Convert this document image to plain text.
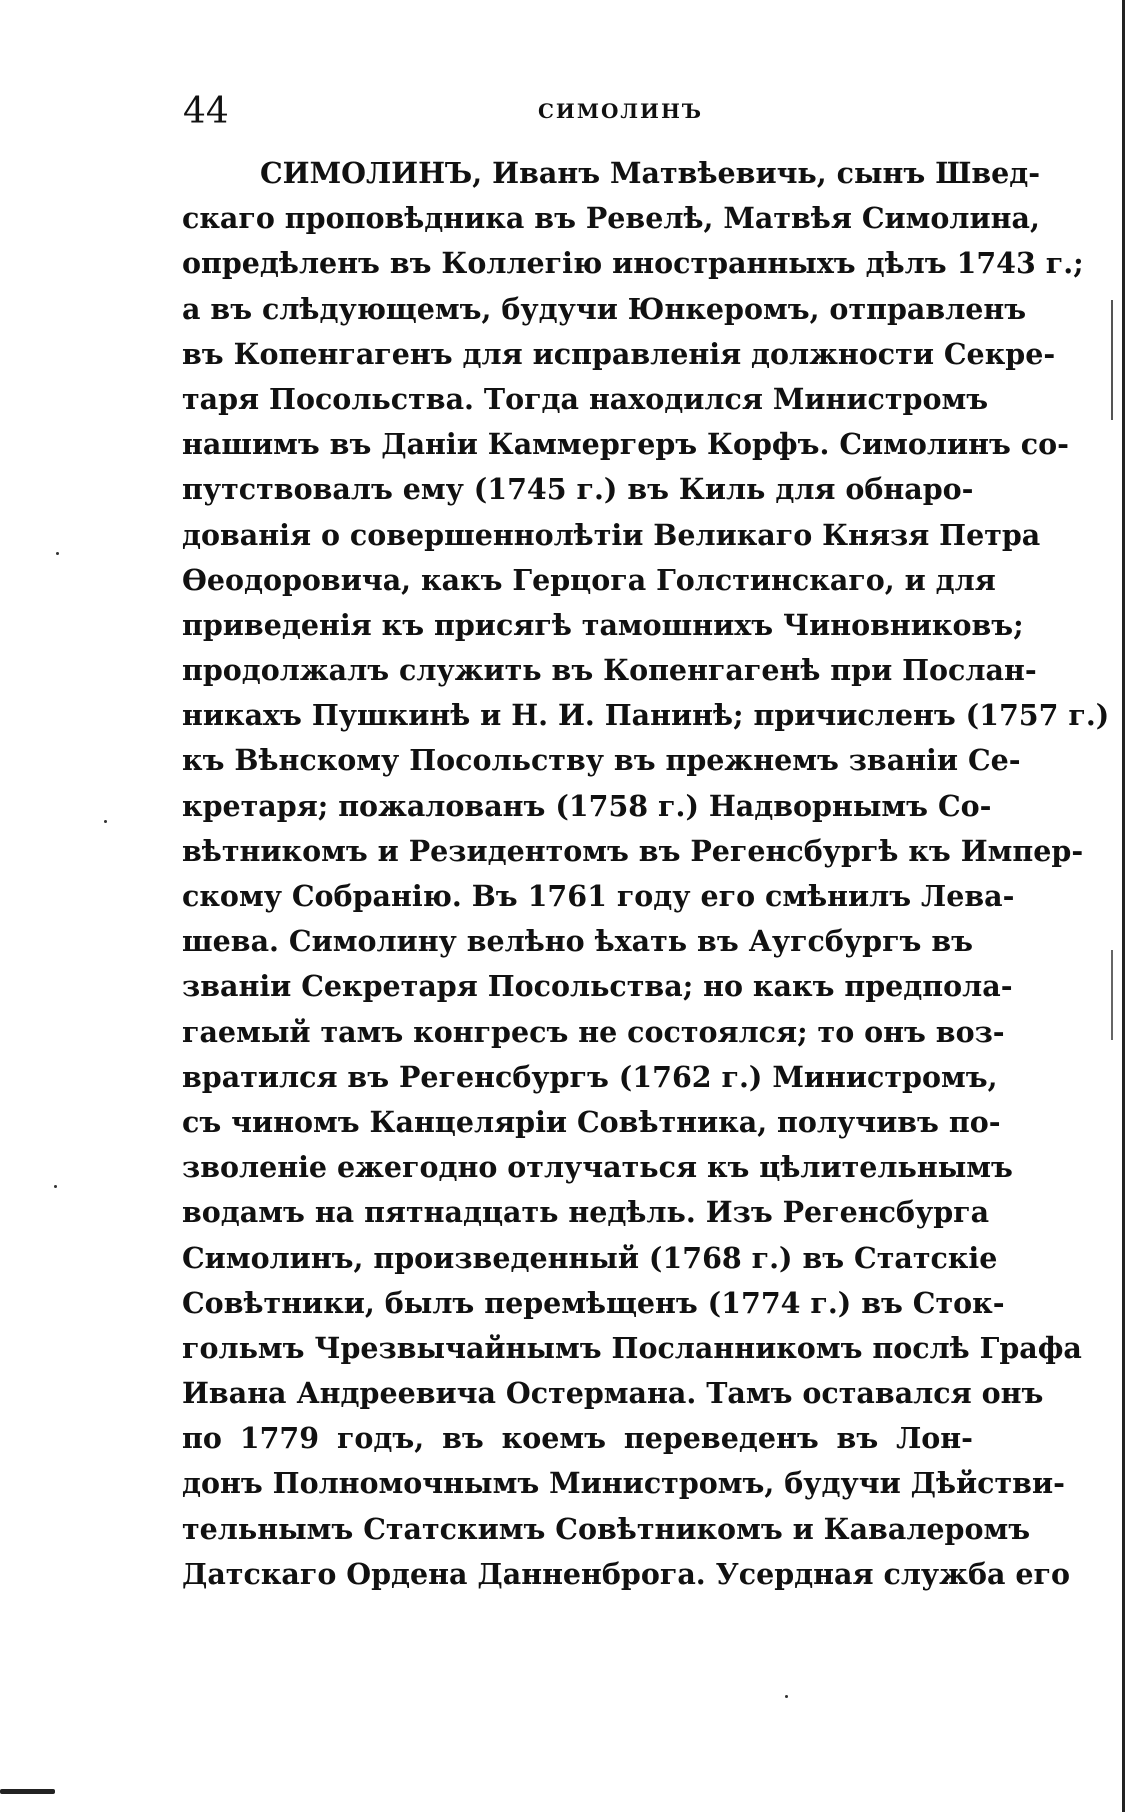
44	СИМОЛИНЪ
СИМОЛИНЪ, Иванъ Матвѣевичь, сынъ Швед-
скаго проповѣдника въ Ревелѣ, Матвѣя Симолина,
опредѣленъ въ Коллегію иностранныхъ дѣлъ 1743 г.;
а въ слѣдующемъ, будучи Юнкеромъ, отправленъ
въ Копенгагенъ для исправленія должности Секре-
таря Посольства. Тогда находился Министромъ
нашимъ въ Даніи Каммергеръ Корфъ. Симолинъ со-
путствовалъ ему (1745 г.) въ Киль для обнаро-
дованія о совершеннолѣтіи Великаго Князя Петра
Ѳеодоровича, какъ Герцога Голстинскаго, и для
приведенія къ присягѣ тамошнихъ Чиновниковъ;
продолжалъ служить въ Копенгагенѣ при Послан-
никахъ Пушкинѣ и Н. И. Панинѣ; причисленъ (1757 г.)
къ Вѣнскому Посольству въ прежнемъ званіи Се-
кретаря; пожалованъ (1758 г.) Надворнымъ Со-
вѣтникомъ и Резидентомъ въ Регенсбургѣ къ Импер-
скому Собранію. Въ 1761 году его смѣнилъ Лева-
шева. Симолину велѣно ѣхать въ Аугсбургъ въ
званіи Секретаря Посольства; но какъ предпола-
гаемый тамъ конгресъ не состоялся; то онъ воз-
вратился въ Регенсбургъ (1762 г.) Министромъ,
съ чиномъ Канцеляріи Совѣтника, получивъ по-
зволеніе ежегодно отлучаться къ цѣлительнымъ
водамъ на пятнадцать недѣль. Изъ Регенсбурга
Симолинъ, произведенный (1768 г.) въ Статскіе
Совѣтники, былъ перемѣщенъ (1774 г.) въ Сток-
гольмъ Чрезвычайнымъ Посланникомъ послѣ Графа
Ивана Андреевича Остермана. Тамъ оставался онъ
по 1779 годъ, въ коемъ переведенъ въ Лон-
донъ Полномочнымъ Министромъ, будучи Дѣйстви-
тельнымъ Статскимъ Совѣтникомъ и Кавалеромъ
Датскаго Ордена Данненброга. Усердная служба его
